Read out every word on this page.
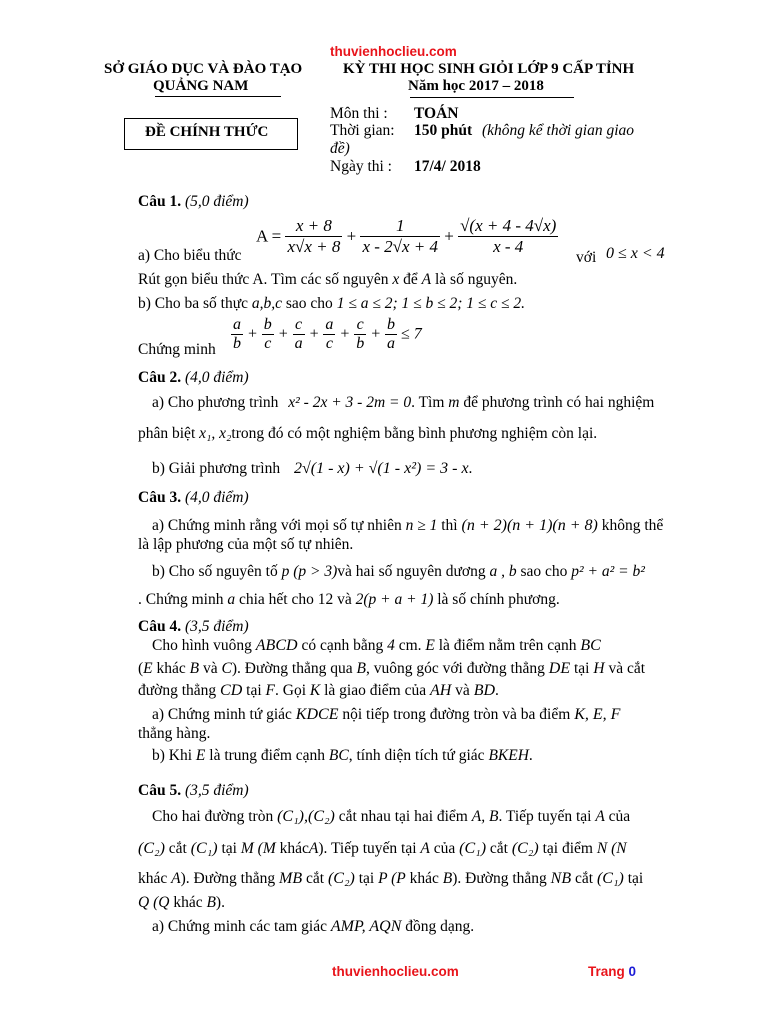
thuvienhoclieu.com
SỞ GIÁO DỤC VÀ ĐÀO TẠO
QUẢNG NAM
KỲ THI HỌC SINH GIỎI LỚP 9 CẤP TỈNH
Năm học 2017 – 2018
ĐỀ CHÍNH THỨC
Môn thi : TOÁN
Thời gian: 150 phút (không kể thời gian giao
đề)
Ngày thi : 17/4/ 2018
Câu 1. (5,0 điểm)
$A = \frac{x + 8}{x√x + 8} + \frac{1}{x - 2√x + 4} + \frac{√(x + 4 - 4√x)}{x - 4}$
a) Cho biểu thức	với 0 ≤ x < 4
Rút gọn biểu thức A. Tìm các số nguyên x để A là số nguyên.
b) Cho ba số thực a,b,c sao cho 1 ≤ a ≤ 2; 1 ≤ b ≤ 2; 1 ≤ c ≤ 2.
Chứng minh $\frac{a}{b} + \frac{b}{c} + \frac{c}{a} + \frac{a}{c} + \frac{c}{b} + \frac{b}{a} \le 7$
Câu 2. (4,0 điểm)
a) Cho phương trình x² - 2x + 3 - 2m = 0. Tìm m để phương trình có hai nghiệm
phân biệt x₁, x₂trong đó có một nghiệm bằng bình phương nghiệm còn lại.
b) Giải phương trình 2√(1 - x) + √(1 - x²) = 3 - x.
Câu 3. (4,0 điểm)
a) Chứng minh rằng với mọi số tự nhiên n ≥ 1 thì (n + 2)(n + 1)(n + 8) không thể
là lập phương của một số tự nhiên.
b) Cho số nguyên tố p (p > 3)và hai số nguyên dương a , b sao cho p² + a² = b²
. Chứng minh a chia hết cho 12 và 2(p + a + 1) là số chính phương.
Câu 4. (3,5 điểm)
Cho hình vuông ABCD có cạnh bằng 4 cm. E là điểm nằm trên cạnh BC
(E khác B và C). Đường thẳng qua B, vuông góc với đường thẳng DE tại H và cắt
đường thẳng CD tại F. Gọi K là giao điểm của AH và BD.
a) Chứng minh tứ giác KDCE nội tiếp trong đường tròn và ba điểm K, E, F
thẳng hàng.
b) Khi E là trung điểm cạnh BC, tính diện tích tứ giác BKEH.
Câu 5. (3,5 điểm)
Cho hai đường tròn (C₁),(C₂) cắt nhau tại hai điểm A, B. Tiếp tuyến tại A của
(C₂) cắt (C₁) tại M (M khácA). Tiếp tuyến tại A của (C₁) cắt (C₂) tại điểm N (N
khác A). Đường thẳng MB cắt (C₂) tại P (P khác B). Đường thẳng NB cắt (C₁) tại
Q (Q khác B).
a) Chứng minh các tam giác AMP, AQN đồng dạng.
thuvienhoclieu.com	Trang 0
